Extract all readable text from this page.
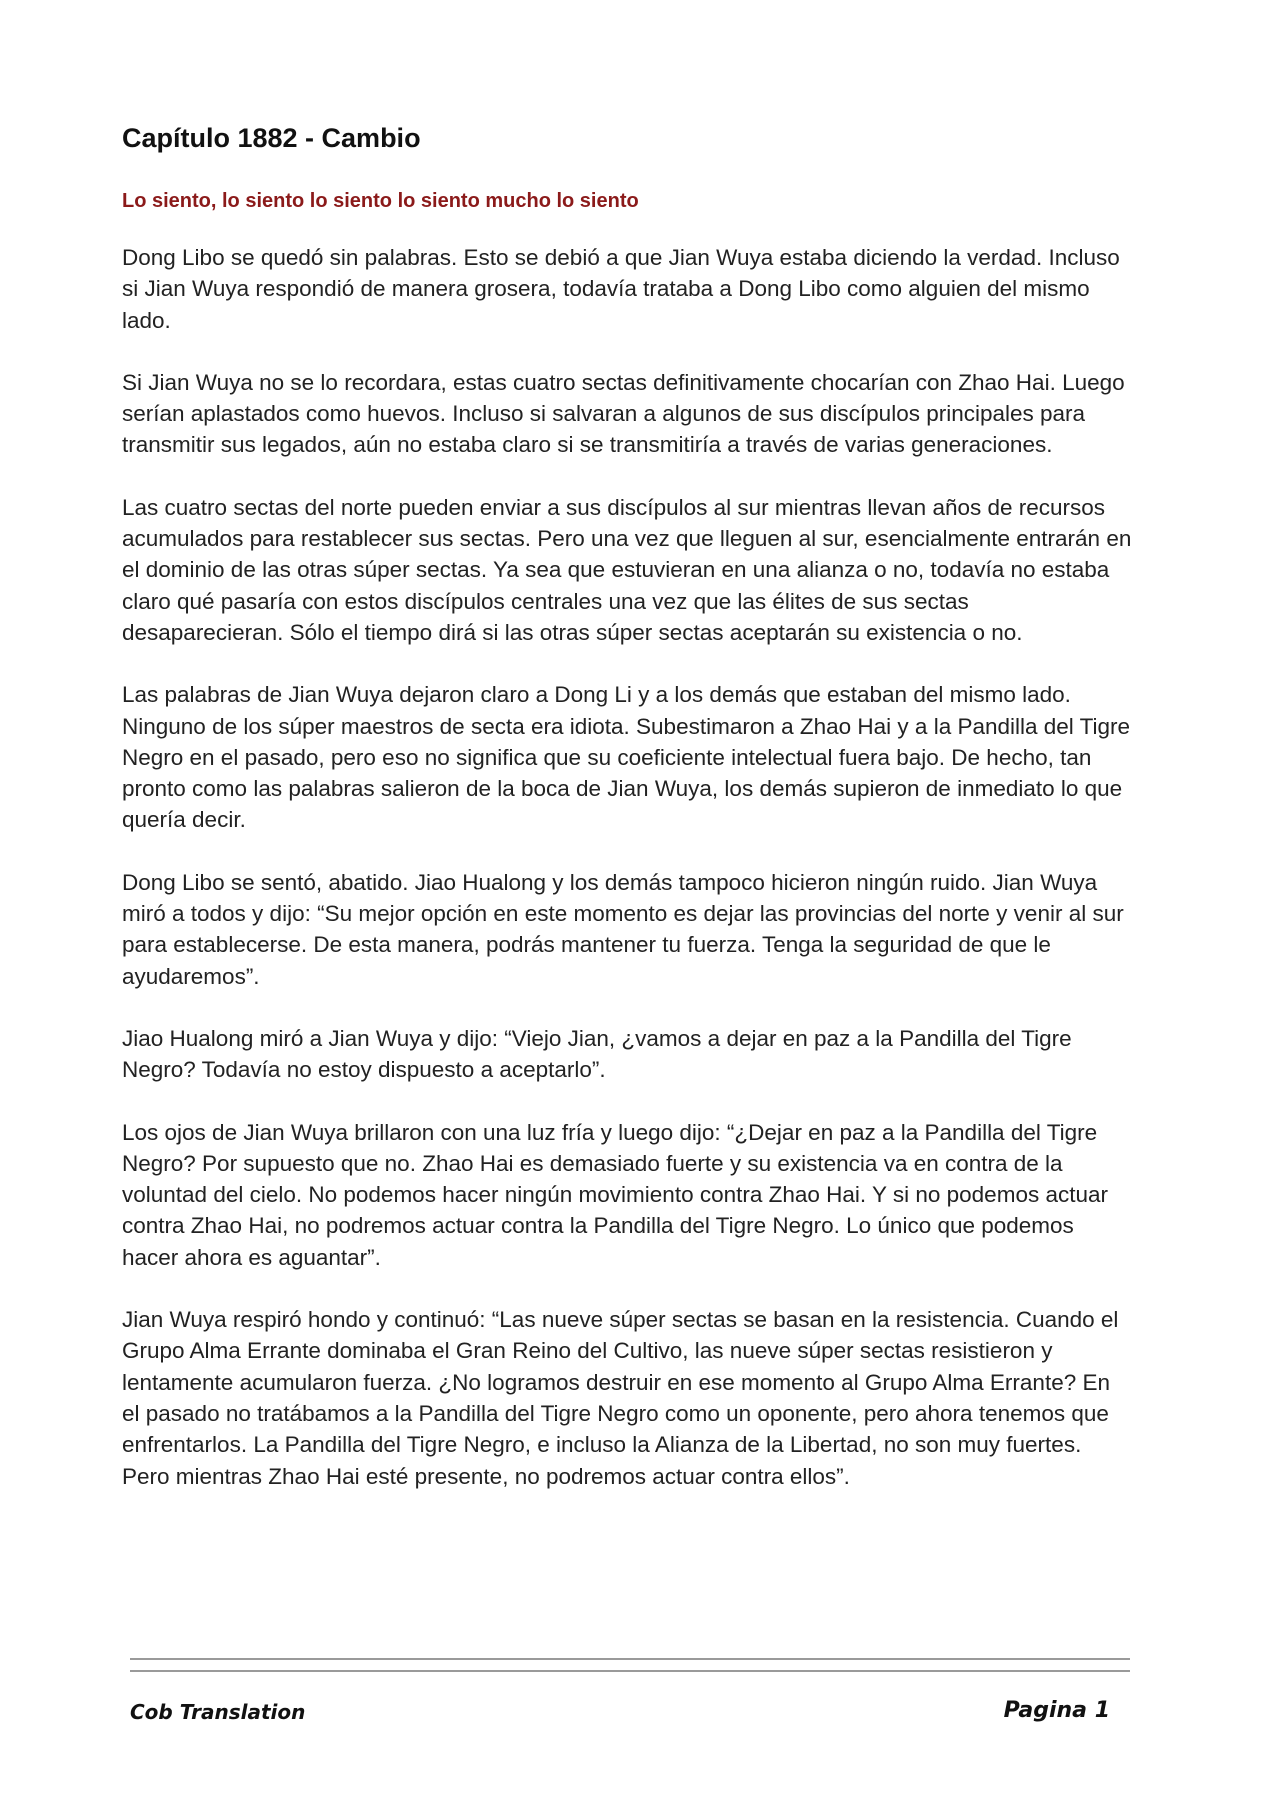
Capítulo 1882 - Cambio

Lo siento, lo siento lo siento lo siento mucho lo siento

Dong Libo se quedó sin palabras. Esto se debió a que Jian Wuya estaba diciendo la verdad. Incluso si Jian Wuya respondió de manera grosera, todavía trataba a Dong Libo como alguien del mismo lado.

Si Jian Wuya no se lo recordara, estas cuatro sectas definitivamente chocarían con Zhao Hai. Luego serían aplastados como huevos. Incluso si salvaran a algunos de sus discípulos principales para transmitir sus legados, aún no estaba claro si se transmitiría a través de varias generaciones.

Las cuatro sectas del norte pueden enviar a sus discípulos al sur mientras llevan años de recursos acumulados para restablecer sus sectas. Pero una vez que lleguen al sur, esencialmente entrarán en el dominio de las otras súper sectas. Ya sea que estuvieran en una alianza o no, todavía no estaba claro qué pasaría con estos discípulos centrales una vez que las élites de sus sectas desaparecieran. Sólo el tiempo dirá si las otras súper sectas aceptarán su existencia o no.

Las palabras de Jian Wuya dejaron claro a Dong Li y a los demás que estaban del mismo lado. Ninguno de los súper maestros de secta era idiota. Subestimaron a Zhao Hai y a la Pandilla del Tigre Negro en el pasado, pero eso no significa que su coeficiente intelectual fuera bajo. De hecho, tan pronto como las palabras salieron de la boca de Jian Wuya, los demás supieron de inmediato lo que quería decir.

Dong Libo se sentó, abatido. Jiao Hualong y los demás tampoco hicieron ningún ruido. Jian Wuya miró a todos y dijo: “Su mejor opción en este momento es dejar las provincias del norte y venir al sur para establecerse. De esta manera, podrás mantener tu fuerza. Tenga la seguridad de que le ayudaremos”.

Jiao Hualong miró a Jian Wuya y dijo: “Viejo Jian, ¿vamos a dejar en paz a la Pandilla del Tigre Negro? Todavía no estoy dispuesto a aceptarlo”.

Los ojos de Jian Wuya brillaron con una luz fría y luego dijo: “¿Dejar en paz a la Pandilla del Tigre Negro? Por supuesto que no. Zhao Hai es demasiado fuerte y su existencia va en contra de la voluntad del cielo. No podemos hacer ningún movimiento contra Zhao Hai. Y si no podemos actuar contra Zhao Hai, no podremos actuar contra la Pandilla del Tigre Negro. Lo único que podemos hacer ahora es aguantar”.

Jian Wuya respiró hondo y continuó: “Las nueve súper sectas se basan en la resistencia. Cuando el Grupo Alma Errante dominaba el Gran Reino del Cultivo, las nueve súper sectas resistieron y lentamente acumularon fuerza. ¿No logramos destruir en ese momento al Grupo Alma Errante? En el pasado no tratábamos a la Pandilla del Tigre Negro como un oponente, pero ahora tenemos que enfrentarlos. La Pandilla del Tigre Negro, e incluso la Alianza de la Libertad, no son muy fuertes. Pero mientras Zhao Hai esté presente, no podremos actuar contra ellos”.

Cob Translation	Pagina 1
